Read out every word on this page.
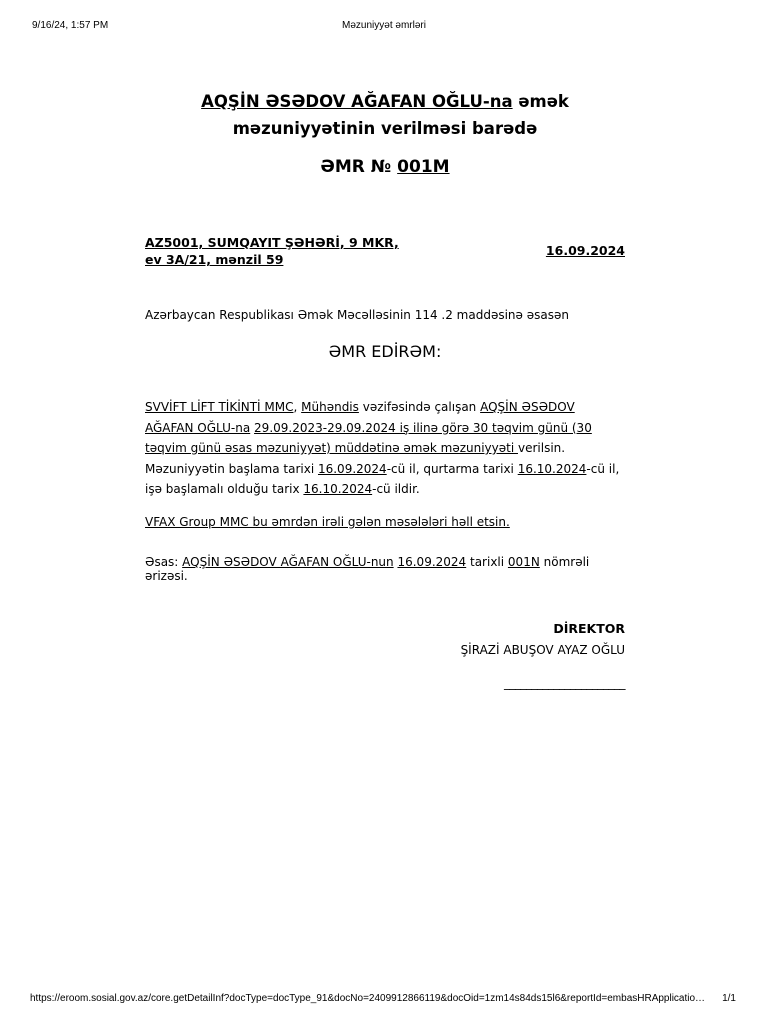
9/16/24, 1:57 PM	Məzuniyyət əmrləri
AQŞİN ƏSƏDOV AĞAFAN OĞLU-na əmək
məzuniyyətinin verilməsi barədə
ƏMR № 001M
AZ5001, SUMQAYIT ŞƏHƏRİ, 9 MKR, ev 3A/21, mənzil 59
16.09.2024
Azərbaycan Respublikası Əmək Məcəlləsinin 114 .2 maddəsinə əsasən
ƏMR EDİRƏM:
SVVİFT LİFT TİKİNTİ MMC, Mühəndis vəzifəsində çalışan AQŞİN ƏSƏDOV AĞAFAN OĞLU-na 29.09.2023-29.09.2024 iş ilinə görə 30 təqvim günü (30 təqvim günü əsas məzuniyyət) müddətinə əmək məzuniyyəti verilsin.
Məzuniyyətin başlama tarixi 16.09.2024-cü il, qurtarma tarixi 16.10.2024-cü il, işə başlamalı olduğu tarix 16.10.2024-cü ildir.
VFAX Group MMC bu əmrdən irəli gələn məsələləri həll etsin.
Əsas: AQŞİN ƏSƏDOV AĞAFAN OĞLU-nun 16.09.2024 tarixli 001N nömrəli ərizəsi.
DİREKTOR
ŞİRAZİ ABUŞOV AYAZ OĞLU
______________________
https://eroom.sosial.gov.az/core.getDetailInf?docType=docType_91&docNo=2409912866119&docOid=1zm14s84ds15l6&reportId=embasHRApplicatio…	1/1
